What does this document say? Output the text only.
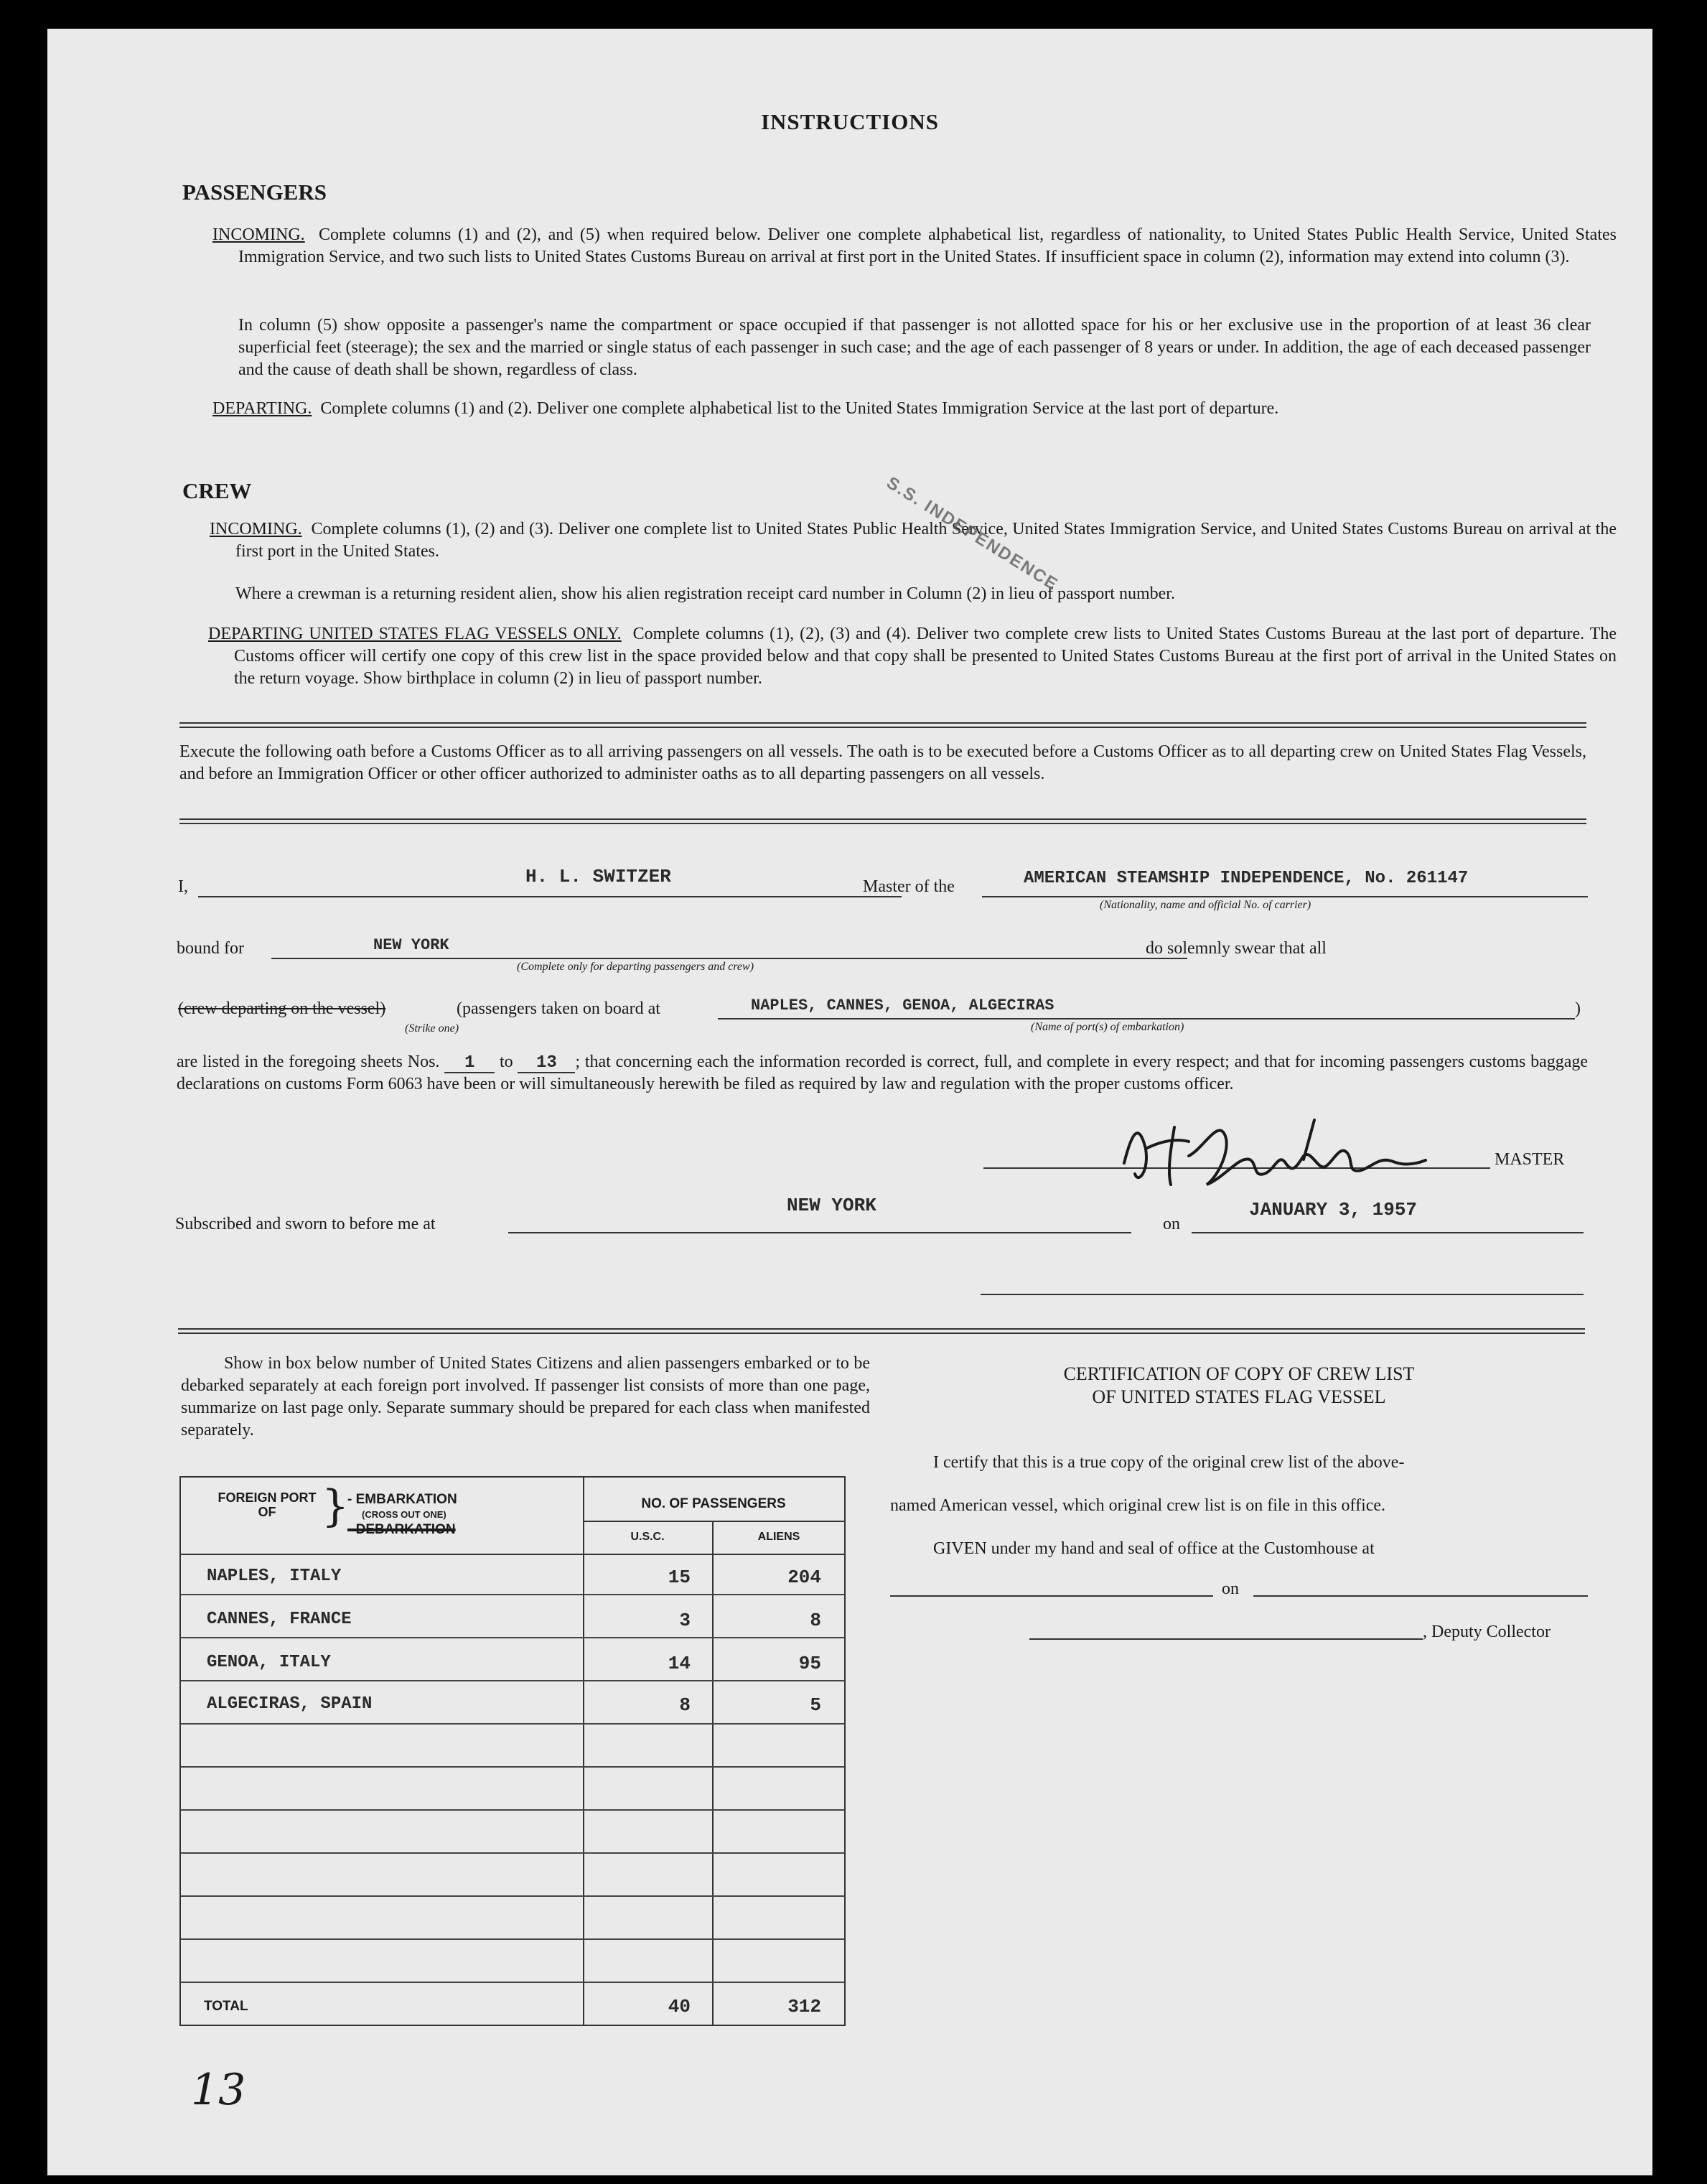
INSTRUCTIONS
PASSENGERS
INCOMING. Complete columns (1) and (2), and (5) when required below. Deliver one complete alphabetical list, regardless of nationality, to United States Public Health Service, United States Immigration Service, and two such lists to United States Customs Bureau on arrival at first port in the United States. If insufficient space in column (2), information may extend into column (3).
In column (5) show opposite a passenger's name the compartment or space occupied if that passenger is not allotted space for his or her exclusive use in the proportion of at least 36 clear superficial feet (steerage); the sex and the married or single status of each passenger in such case; and the age of each passenger of 8 years or under. In addition, the age of each deceased passenger and the cause of death shall be shown, regardless of class.
DEPARTING. Complete columns (1) and (2). Deliver one complete alphabetical list to the United States Immigration Service at the last port of departure.
CREW
INCOMING. Complete columns (1), (2) and (3). Deliver one complete list to United States Public Health Service, United States Immigration Service, and United States Customs Bureau on arrival at the first port in the United States.
Where a crewman is a returning resident alien, show his alien registration receipt card number in Column (2) in lieu of passport number.
DEPARTING UNITED STATES FLAG VESSELS ONLY. Complete columns (1), (2), (3) and (4). Deliver two complete crew lists to United States Customs Bureau at the last port of departure. The Customs officer will certify one copy of this crew list in the space provided below and that copy shall be presented to United States Customs Bureau at the first port of arrival in the United States on the return voyage. Show birthplace in column (2) in lieu of passport number.
S.S. INDEPENDENCE
Execute the following oath before a Customs Officer as to all arriving passengers on all vessels. The oath is to be executed before a Customs Officer as to all departing crew on United States Flag Vessels, and before an Immigration Officer or other officer authorized to administer oaths as to all departing passengers on all vessels.
I,	H. L. SWITZER	Master of the	AMERICAN STEAMSHIP INDEPENDENCE, No. 261147
(Nationality, name and official No. of carrier)
bound for	NEW YORK
(Complete only for departing passengers and crew)
do solemnly swear that all
(crew departing on the vessel)
(Strike one)
(passengers taken on board at	NAPLES, CANNES, GENOA, ALGECIRAS
(Name of port(s) of embarkation)
)
are listed in the foregoing sheets Nos. 1 to 13 ; that concerning each the information recorded is correct, full, and complete in every respect; and that for incoming passengers customs baggage declarations on customs Form 6063 have been or will simultaneously herewith be filed as required by law and regulation with the proper customs officer.
MASTER
Subscribed and sworn to before me at
NEW YORK
on
JANUARY 3, 1957
Show in box below number of United States Citizens and alien passengers embarked or to be debarked separately at each foreign port involved. If passenger list consists of more than one page, summarize on last page only. Separate summary should be prepared for each class when manifested separately.
FOREIGN PORT OF	}
- EMBARKATION
(CROSS OUT ONE)
- DEBARKATION
NO. OF PASSENGERS
U.S.C.	ALIENS
NAPLES, ITALY	15	204
CANNES, FRANCE	3	8
GENOA, ITALY	14	95
ALGECIRAS, SPAIN	8	5
TOTAL	40	312
CERTIFICATION OF COPY OF CREW LIST
OF UNITED STATES FLAG VESSEL
I certify that this is a true copy of the original crew list of the above-
named American vessel, which original crew list is on file in this office.
GIVEN under my hand and seal of office at the Customhouse at
on
, Deputy Collector
13
